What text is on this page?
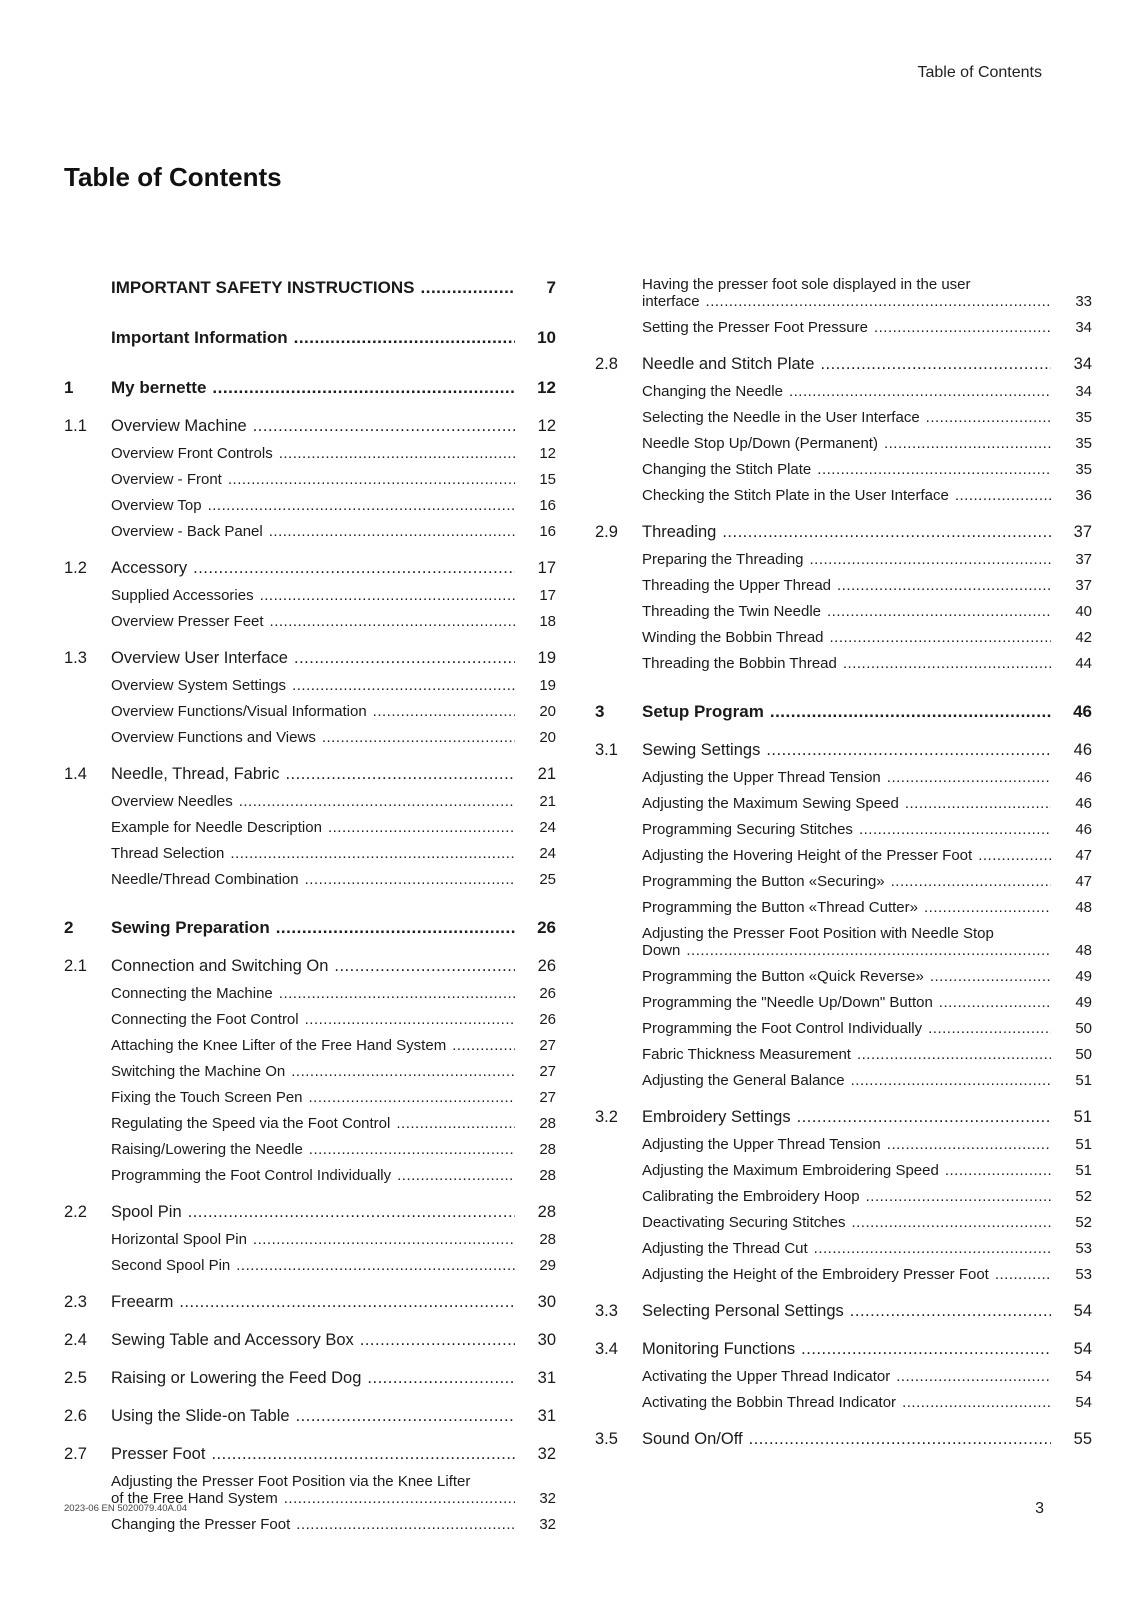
Table of Contents
Table of Contents
IMPORTANT SAFETY INSTRUCTIONS .....	7
Important Information .....	10
1	My bernette .....	12
1.1	Overview Machine .....	12
Overview Front Controls .....	12
Overview - Front .....	15
Overview Top .....	16
Overview - Back Panel .....	16
1.2	Accessory .....	17
Supplied Accessories .....	17
Overview Presser Feet .....	18
1.3	Overview User Interface .....	19
Overview System Settings .....	19
Overview Functions/Visual Information .....	20
Overview Functions and Views .....	20
1.4	Needle, Thread, Fabric .....	21
Overview Needles .....	21
Example for Needle Description .....	24
Thread Selection .....	24
Needle/Thread Combination .....	25
2	Sewing Preparation .....	26
2.1	Connection and Switching On .....	26
Connecting the Machine .....	26
Connecting the Foot Control .....	26
Attaching the Knee Lifter of the Free Hand System .....	27
Switching the Machine On .....	27
Fixing the Touch Screen Pen .....	27
Regulating the Speed via the Foot Control .....	28
Raising/Lowering the Needle .....	28
Programming the Foot Control Individually .....	28
2.2	Spool Pin .....	28
Horizontal Spool Pin .....	28
Second Spool Pin .....	29
2.3	Freearm .....	30
2.4	Sewing Table and Accessory Box .....	30
2.5	Raising or Lowering the Feed Dog .....	31
2.6	Using the Slide-on Table .....	31
2.7	Presser Foot .....	32
Adjusting the Presser Foot Position via the Knee Lifter
of the Free Hand System .....	32
Changing the Presser Foot .....	32
Having the presser foot sole displayed in the user
interface .....	33
Setting the Presser Foot Pressure .....	34
2.8	Needle and Stitch Plate .....	34
Changing the Needle .....	34
Selecting the Needle in the User Interface .....	35
Needle Stop Up/Down (Permanent) .....	35
Changing the Stitch Plate .....	35
Checking the Stitch Plate in the User Interface .....	36
2.9	Threading .....	37
Preparing the Threading .....	37
Threading the Upper Thread .....	37
Threading the Twin Needle .....	40
Winding the Bobbin Thread .....	42
Threading the Bobbin Thread .....	44
3	Setup Program .....	46
3.1	Sewing Settings .....	46
Adjusting the Upper Thread Tension .....	46
Adjusting the Maximum Sewing Speed .....	46
Programming Securing Stitches .....	46
Adjusting the Hovering Height of the Presser Foot .....	47
Programming the Button «Securing» .....	47
Programming the Button «Thread Cutter» .....	48
Adjusting the Presser Foot Position with Needle Stop
Down .....	48
Programming the Button «Quick Reverse» .....	49
Programming the "Needle Up/Down" Button .....	49
Programming the Foot Control Individually .....	50
Fabric Thickness Measurement .....	50
Adjusting the General Balance .....	51
3.2	Embroidery Settings .....	51
Adjusting the Upper Thread Tension .....	51
Adjusting the Maximum Embroidering Speed .....	51
Calibrating the Embroidery Hoop .....	52
Deactivating Securing Stitches .....	52
Adjusting the Thread Cut .....	53
Adjusting the Height of the Embroidery Presser Foot .....	53
3.3	Selecting Personal Settings .....	54
3.4	Monitoring Functions .....	54
Activating the Upper Thread Indicator .....	54
Activating the Bobbin Thread Indicator .....	54
3.5	Sound On/Off .....	55
2023-06 EN 5020079.40A.04	3
